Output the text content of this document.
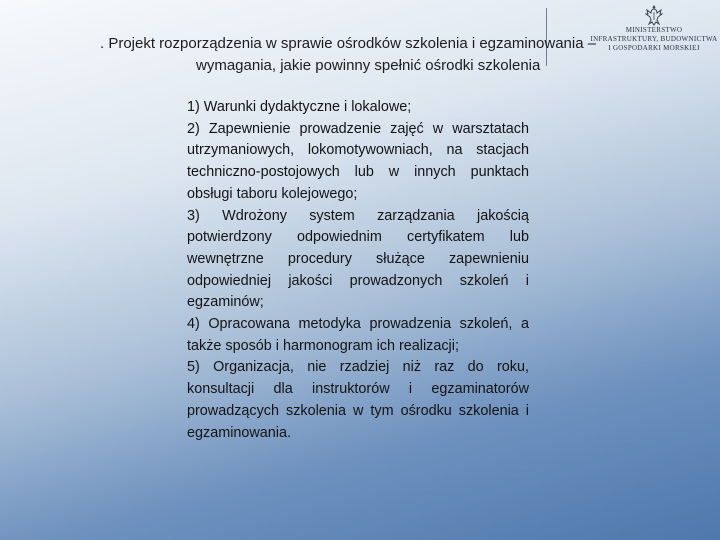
MINISTERSTWO
INFRASTRUKTURY, BUDOWNICTWA
I GOSPODARKI MORSKIEJ
. Projekt rozporządzenia w sprawie ośrodków szkolenia i egzaminowania –
wymagania, jakie powinny spełnić ośrodki szkolenia

1) Warunki dydaktyczne i lokalowe;

2) Zapewnienie prowadzenie zajęć w warsztatach utrzymaniowych, lokomotywowniach, na stacjach techniczno-postojowych lub w innych punktach obsługi taboru kolejowego;

3) Wdrożony system zarządzania jakością potwierdzony odpowiednim certyfikatem lub wewnętrzne procedury służące zapewnieniu odpowiedniej jakości prowadzonych szkoleń i egzaminów;

4) Opracowana metodyka prowadzenia szkoleń, a także sposób i harmonogram ich realizacji;

5) Organizacja, nie rzadziej niż raz do roku, konsultacji dla instruktorów i egzaminatorów prowadzących szkolenia w tym ośrodku szkolenia i egzaminowania.
